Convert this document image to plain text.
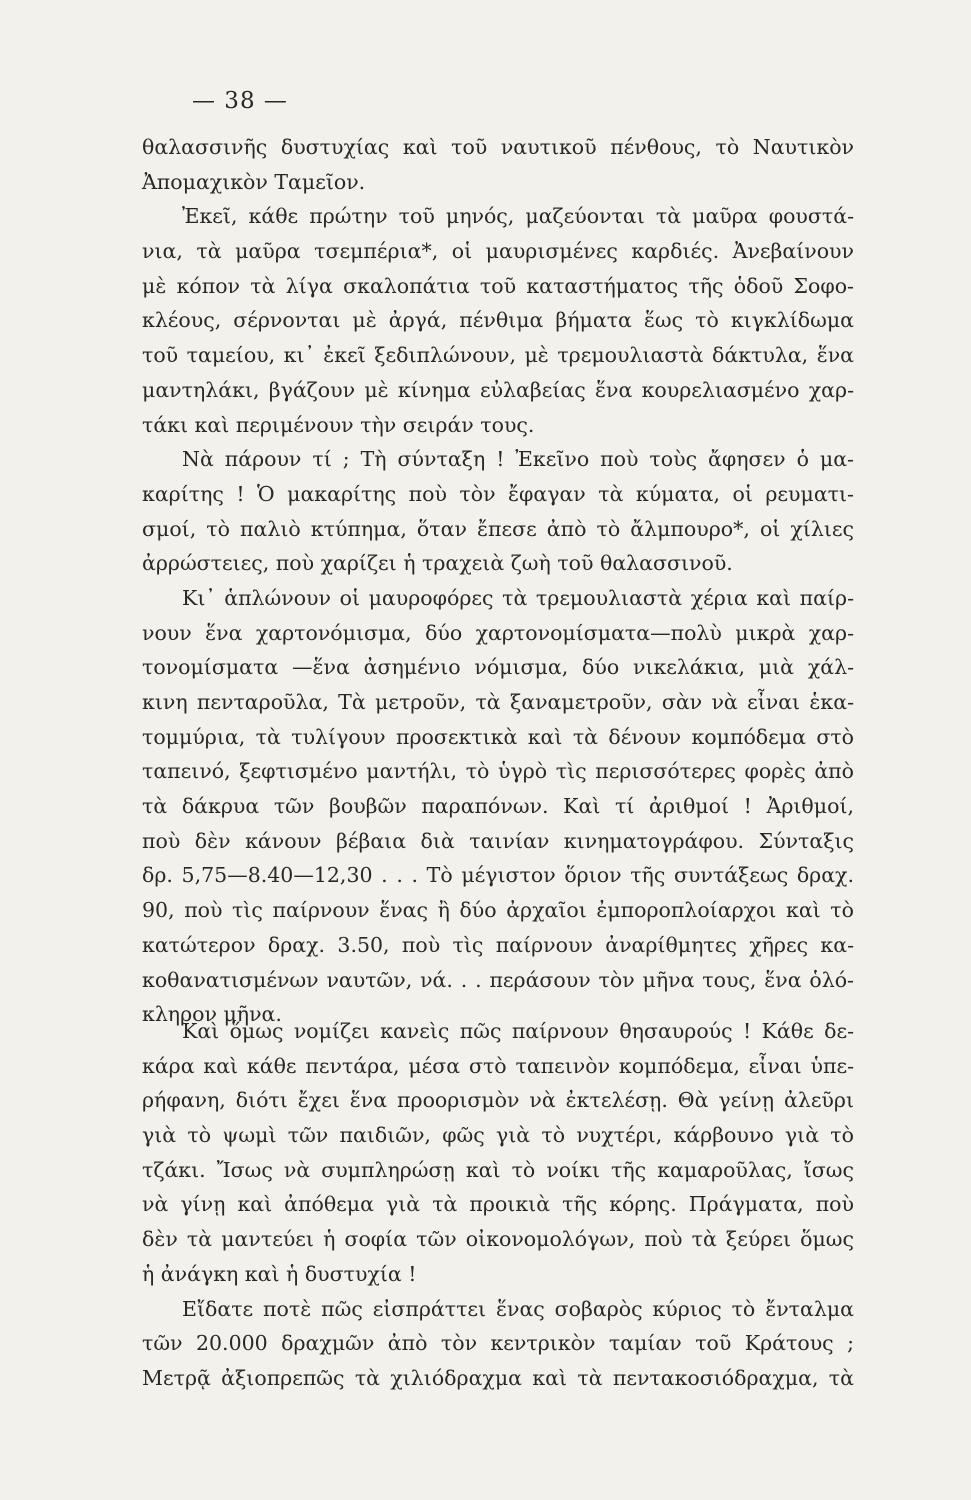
— 38 —
θαλασσινῆς δυστυχίας καὶ τοῦ ναυτικοῦ πένθους, τὸ Ναυτικὸν
Ἀπομαχικὸν Ταμεῖον.
Ἐκεῖ, κάθε πρώτην τοῦ μηνός, μαζεύονται τὰ μαῦρα φουστά-
νια, τὰ μαῦρα τσεμπέρια*, οἱ μαυρισμένες καρδιές. Ἀνεβαίνουν
μὲ κόπον τὰ λίγα σκαλοπάτια τοῦ καταστήματος τῆς ὁδοῦ Σοφο-
κλέους, σέρνονται μὲ ἀργά, πένθιμα βήματα ἕως τὸ κιγκλίδωμα
τοῦ ταμείου, κι᾽ ἐκεῖ ξεδιπλώνουν, μὲ τρεμουλιαστὰ δάκτυλα, ἕνα
μαντηλάκι, βγάζουν μὲ κίνημα εὐλαβείας ἕνα κουρελιασμένο χαρ-
τάκι καὶ περιμένουν τὴν σειράν τους.
Νὰ πάρουν τί ; Τὴ σύνταξη ! Ἐκεῖνο ποὺ τοὺς ἄφησεν ὁ μα-
καρίτης ! Ὁ μακαρίτης ποὺ τὸν ἔφαγαν τὰ κύματα, οἱ ρευματι-
σμοί, τὸ παλιὸ κτύπημα, ὅταν ἔπεσε ἀπὸ τὸ ἄλμπουρο*, οἱ χίλιες
ἀρρώστειες, ποὺ χαρίζει ἡ τραχειὰ ζωὴ τοῦ θαλασσινοῦ.
Κι᾽ ἁπλώνουν οἱ μαυροφόρες τὰ τρεμουλιαστὰ χέρια καὶ παίρ-
νουν ἕνα χαρτονόμισμα, δύο χαρτονομίσματα—πολὺ μικρὰ χαρ-
τονομίσματα —ἕνα ἀσημένιο νόμισμα, δύο νικελάκια, μιὰ χάλ-
κινη πενταροῦλα, Τὰ μετροῦν, τὰ ξαναμετροῦν, σὰν νὰ εἶναι ἑκα-
τομμύρια, τὰ τυλίγουν προσεκτικὰ καὶ τὰ δένουν κομπόδεμα στὸ
ταπεινό, ξεφτισμένο μαντήλι, τὸ ὑγρὸ τὶς περισσότερες φορὲς ἀπὸ
τὰ δάκρυα τῶν βουβῶν παραπόνων. Καὶ τί ἀριθμοί ! Ἀριθμοί,
ποὺ δὲν κάνουν βέβαια διὰ ταινίαν κινηματογράφου. Σύνταξις
δρ. 5,75—8.40—12,30 . . . Τὸ μέγιστον ὅριον τῆς συντάξεως δραχ.
90, ποὺ τὶς παίρνουν ἕνας ἢ δύο ἀρχαῖοι ἐμποροπλοίαρχοι καὶ τὸ
κατώτερον δραχ. 3.50, ποὺ τὶς παίρνουν ἀναρίθμητες χῆρες κα-
κοθανατισμένων ναυτῶν, νά. . . περάσουν τὸν μῆνα τους, ἕνα ὁλό-
κληρον μῆνα.
Καὶ ὅμως νομίζει κανεὶς πῶς παίρνουν θησαυρούς ! Κάθε δε-
κάρα καὶ κάθε πεντάρα, μέσα στὸ ταπεινὸν κομπόδεμα, εἶναι ὑπε-
ρήφανη, διότι ἔχει ἕνα προορισμὸν νὰ ἐκτελέσῃ. Θὰ γείνῃ ἀλεῦρι
γιὰ τὸ ψωμὶ τῶν παιδιῶν, φῶς γιὰ τὸ νυχτέρι, κάρβουνο γιὰ τὸ
τζάκι. Ἴσως νὰ συμπληρώσῃ καὶ τὸ νοίκι τῆς καμαροῦλας, ἴσως
νὰ γίνῃ καὶ ἀπόθεμα γιὰ τὰ προικιὰ τῆς κόρης. Πράγματα, ποὺ
δὲν τὰ μαντεύει ἡ σοφία τῶν οἰκονομολόγων, ποὺ τὰ ξεύρει ὅμως
ἡ ἀνάγκη καὶ ἡ δυστυχία !
Εἴδατε ποτὲ πῶς εἰσπράττει ἕνας σοβαρὸς κύριος τὸ ἔνταλμα
τῶν 20.000 δραχμῶν ἀπὸ τὸν κεντρικὸν ταμίαν τοῦ Κράτους ;
Μετρᾷ ἀξιοπρεπῶς τὰ χιλιόδραχμα καὶ τὰ πεντακοσιόδραχμα, τὰ
